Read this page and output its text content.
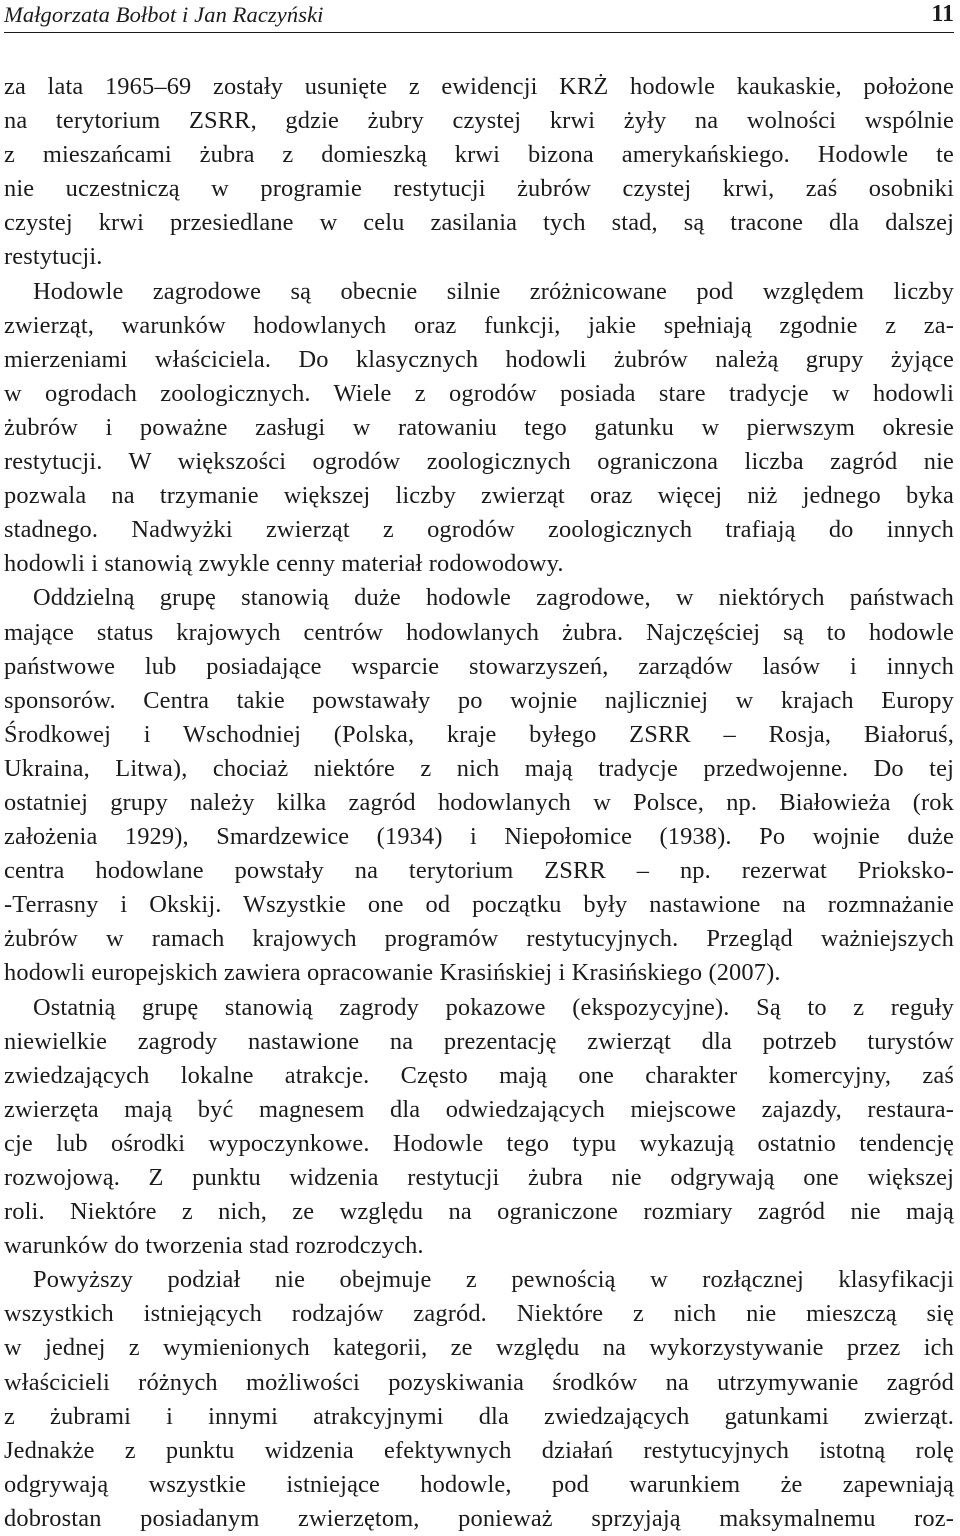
Małgorzata Bołbot i Jan Raczyński	11
za lata 1965–69 zostały usunięte z ewidencji KRŻ hodowle kaukaskie, położone
na terytorium ZSRR, gdzie żubry czystej krwi żyły na wolności wspólnie
z mieszańcami żubra z domieszką krwi bizona amerykańskiego. Hodowle te
nie uczestniczą w programie restytucji żubrów czystej krwi, zaś osobniki
czystej krwi przesiedlane w celu zasilania tych stad, są tracone dla dalszej
restytucji.
Hodowle zagrodowe są obecnie silnie zróżnicowane pod względem liczby
zwierząt, warunków hodowlanych oraz funkcji, jakie spełniają zgodnie z za-
mierzeniami właściciela. Do klasycznych hodowli żubrów należą grupy żyjące
w ogrodach zoologicznych. Wiele z ogrodów posiada stare tradycje w hodowli
żubrów i poważne zasługi w ratowaniu tego gatunku w pierwszym okresie
restytucji. W większości ogrodów zoologicznych ograniczona liczba zagród nie
pozwala na trzymanie większej liczby zwierząt oraz więcej niż jednego byka
stadnego. Nadwyżki zwierząt z ogrodów zoologicznych trafiają do innych
hodowli i stanowią zwykle cenny materiał rodowodowy.
Oddzielną grupę stanowią duże hodowle zagrodowe, w niektórych państwach
mające status krajowych centrów hodowlanych żubra. Najczęściej są to hodowle
państwowe lub posiadające wsparcie stowarzyszeń, zarządów lasów i innych
sponsorów. Centra takie powstawały po wojnie najliczniej w krajach Europy
Środkowej i Wschodniej (Polska, kraje byłego ZSRR – Rosja, Białoruś,
Ukraina, Litwa), chociaż niektóre z nich mają tradycje przedwojenne. Do tej
ostatniej grupy należy kilka zagród hodowlanych w Polsce, np. Białowieża (rok
założenia 1929), Smardzewice (1934) i Niepołomice (1938). Po wojnie duże
centra hodowlane powstały na terytorium ZSRR – np. rezerwat Prioksko-
-Terrasny i Okskij. Wszystkie one od początku były nastawione na rozmnażanie
żubrów w ramach krajowych programów restytucyjnych. Przegląd ważniejszych
hodowli europejskich zawiera opracowanie Krasińskiej i Krasińskiego (2007).
Ostatnią grupę stanowią zagrody pokazowe (ekspozycyjne). Są to z reguły
niewielkie zagrody nastawione na prezentację zwierząt dla potrzeb turystów
zwiedzających lokalne atrakcje. Często mają one charakter komercyjny, zaś
zwierzęta mają być magnesem dla odwiedzających miejscowe zajazdy, restaura-
cje lub ośrodki wypoczynkowe. Hodowle tego typu wykazują ostatnio tendencję
rozwojową. Z punktu widzenia restytucji żubra nie odgrywają one większej
roli. Niektóre z nich, ze względu na ograniczone rozmiary zagród nie mają
warunków do tworzenia stad rozrodczych.
Powyższy podział nie obejmuje z pewnością w rozłącznej klasyfikacji
wszystkich istniejących rodzajów zagród. Niektóre z nich nie mieszczą się
w jednej z wymienionych kategorii, ze względu na wykorzystywanie przez ich
właścicieli różnych możliwości pozyskiwania środków na utrzymywanie zagród
z żubrami i innymi atrakcyjnymi dla zwiedzających gatunkami zwierząt.
Jednakże z punktu widzenia efektywnych działań restytucyjnych istotną rolę
odgrywają wszystkie istniejące hodowle, pod warunkiem że zapewniają
dobrostan posiadanym zwierzętom, ponieważ sprzyjają maksymalnemu roz-
